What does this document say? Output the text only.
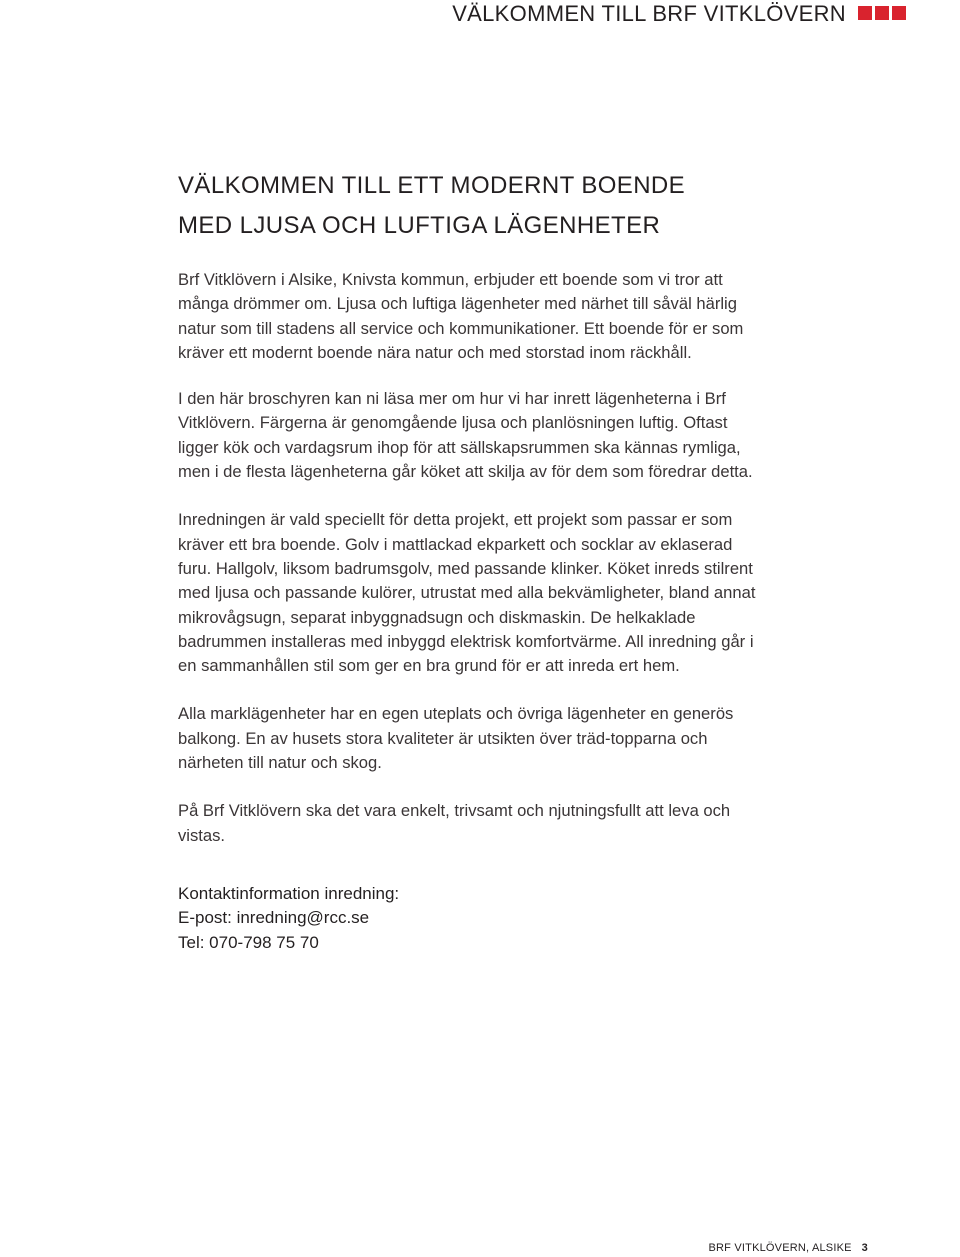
VÄLKOMMEN TILL BRF VITKLÖVERN
VÄLKOMMEN TILL ETT MODERNT BOENDE
MED LJUSA OCH LUFTIGA LÄGENHETER

Brf Vitklövern i Alsike, Knivsta kommun, erbjuder ett boende som vi tror att många drömmer om. Ljusa och luftiga lägenheter med närhet till såväl härlig natur som till stadens all service och kommunikationer. Ett boende för er som kräver ett modernt boende nära natur och med storstad inom räckhåll.

I den här broschyren kan ni läsa mer om hur vi har inrett lägenheterna i Brf Vitklövern. Färgerna är genomgående ljusa och planlösningen luftig. Oftast ligger kök och vardagsrum ihop för att sällskapsrummen ska kännas rymliga, men i de flesta lägenheterna går köket att skilja av för dem som föredrar detta.

Inredningen är vald speciellt för detta projekt, ett projekt som passar er som kräver ett bra boende. Golv i mattlackad ekparkett och socklar av eklaserad furu. Hallgolv, liksom badrumsgolv, med passande klinker. Köket inreds stilrent med ljusa och passande kulörer, utrustat med alla bekvämligheter, bland annat mikrovågsugn, separat inbyggnadsugn och diskmaskin. De helkaklade badrummen installeras med inbyggd elektrisk komfortvärme. All inredning går i en sammanhållen stil som ger en bra grund för er att inreda ert hem.

Alla marklägenheter har en egen uteplats och övriga lägenheter en generös balkong. En av husets stora kvaliteter är utsikten över träd-topparna och närheten till natur och skog.

På Brf Vitklövern ska det vara enkelt, trivsamt och njutningsfullt att leva och vistas.

Kontaktinformation inredning:
E-post: inredning@rcc.se
Tel: 070-798 75 70
BRF VITKLÖVERN, ALSIKE 3
